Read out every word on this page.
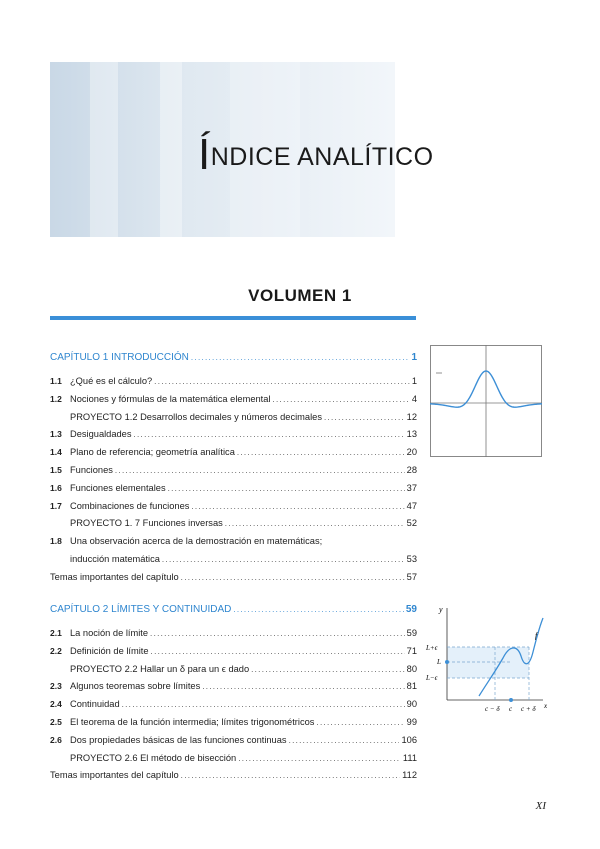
ÍNDICE ANALÍTICO
VOLUMEN 1
CAPÍTULO 1 INTRODUCCIÓN .....	1
1.1 ¿Qué es el cálculo? .....	1
1.2 Nociones y fórmulas de la matemática elemental .....	4
PROYECTO 1.2 Desarrollos decimales y números decimales .....	12
1.3 Desigualdades .....	13
1.4 Plano de referencia; geometría analítica .....	20
1.5 Funciones .....	28
1.6 Funciones elementales .....	37
1.7 Combinaciones de funciones .....	47
PROYECTO 1. 7 Funciones inversas .....	52
1.8 Una observación acerca de la demostración en matemáticas;
inducción matemática .....	53
Temas importantes del capítulo .....	57
CAPÍTULO 2 LÍMITES Y CONTINUIDAD .....	59
2.1 La noción de límite .....	59
2.2 Definición de límite .....	71
PROYECTO 2.2 Hallar un δ para un ϵ dado .....	80
2.3 Algunos teoremas sobre límites .....	81
2.4 Continuidad .....	90
2.5 El teorema de la función intermedia; límites trigonométricos .....	99
2.6 Dos propiedades básicas de las funciones continuas .....	106
PROYECTO 2.6 El método de bisección .....	111
Temas importantes del capítulo .....	112
y
f
L+ϵ
L
L−ϵ
c − δ c c + δ x
XI
